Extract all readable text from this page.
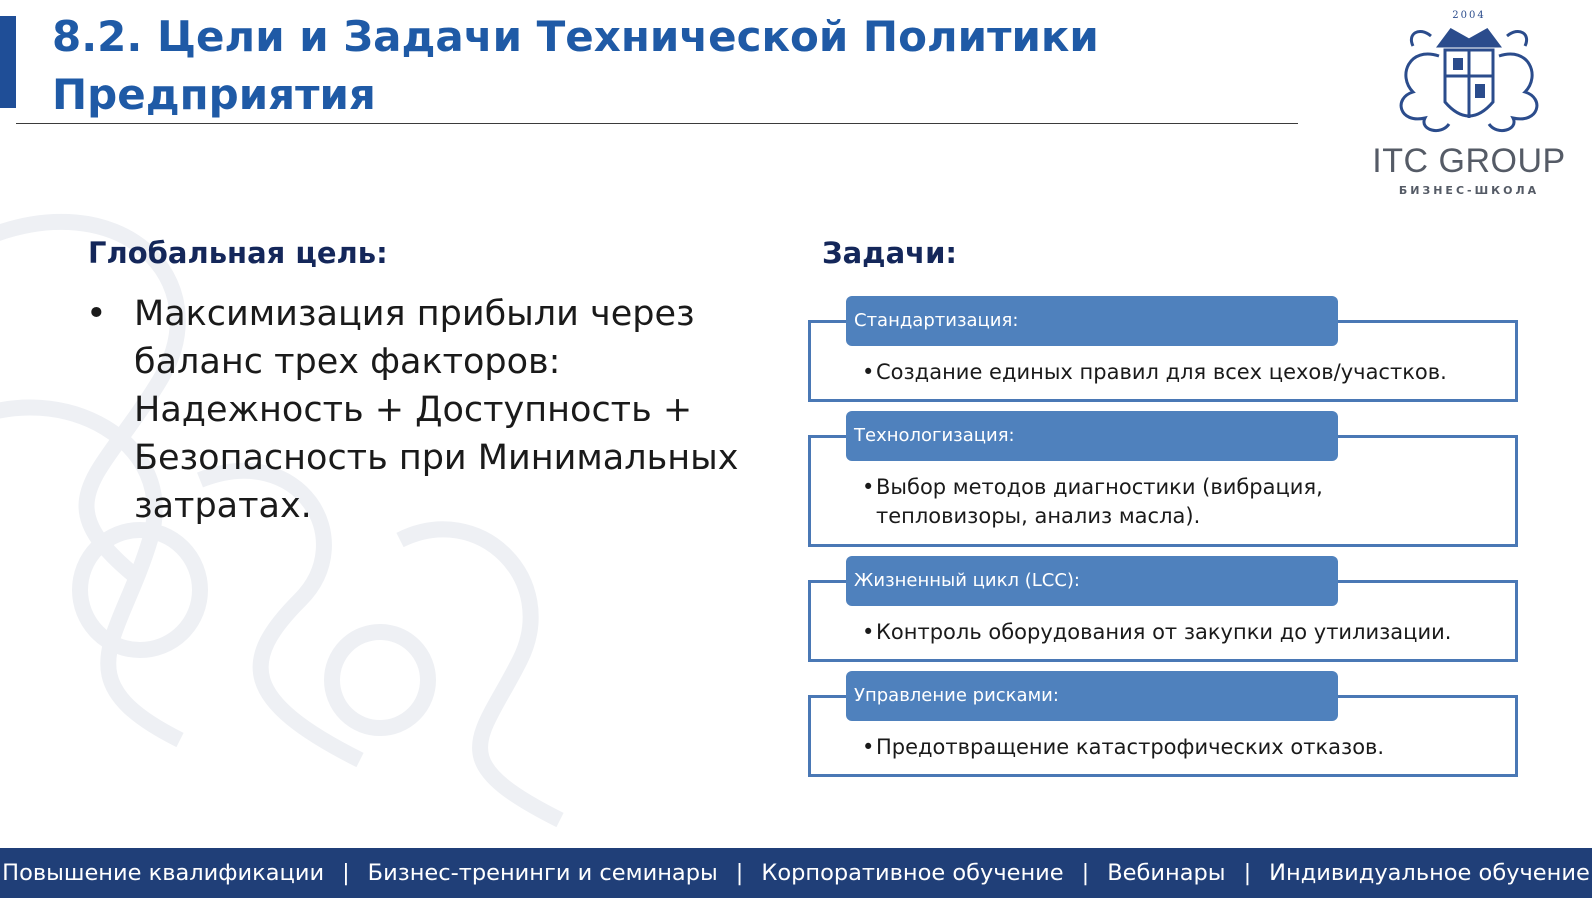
8.2. Цели и Задачи Технической Политики Предприятия
2004
ITC GROUP
БИЗНЕС-ШКОЛА
Глобальная цель:
• Максимизация прибыли через баланс трех факторов: Надежность + Доступность + Безопасность при Минимальных затратах.
Задачи:
Стандартизация:
• Создание единых правил для всех цехов/участков.
Технологизация:
• Выбор методов диагностики (вибрация, тепловизоры, анализ масла).
Жизненный цикл (LCC):
• Контроль оборудования от закупки до утилизации.
Управление рисками:
• Предотвращение катастрофических отказов.
Повышение квалификации | Бизнес-тренинги и семинары | Корпоративное обучение | Вебинары | Индивидуальное обучение
